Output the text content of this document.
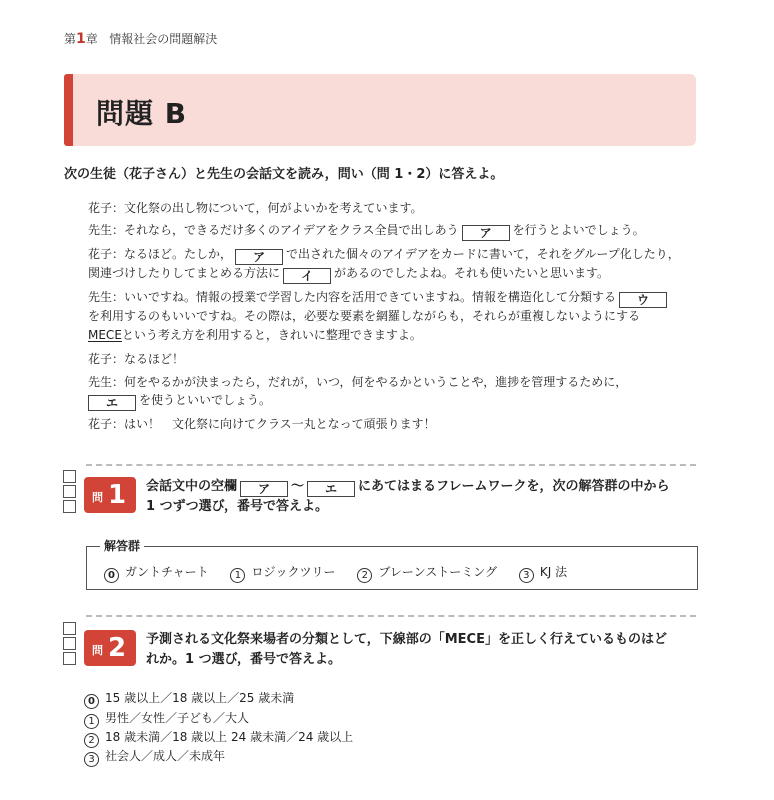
第1章 情報社会の問題解決
問題 B
次の生徒（花子さん）と先生の会話文を読み，問い（問 1・2）に答えよ。
花子：文化祭の出し物について，何がよいかを考えています。
先生：それなら，できるだけ多くのアイデアをクラス全員で出しあう ア を行うとよいでしょう。
花子：なるほど。たしか， ア で出された個々のアイデアをカードに書いて，それをグループ化したり，
関連づけしたりしてまとめる方法に イ があるのでしたよね。それも使いたいと思います。
先生：いいですね。情報の授業で学習した内容を活用できていますね。情報を構造化して分類する ウ
を利用するのもいいですね。その際は，必要な要素を網羅しながらも，それらが重複しないようにする
MECEという考え方を利用すると，きれいに整理できますよ。
花子：なるほど！
先生：何をやるかが決まったら，だれが，いつ，何をやるかということや，進捗を管理するために，
エ を使うといいでしょう。
花子：はい！　文化祭に向けてクラス一丸となって頑張ります！
問 1 会話文中の空欄 ア 〜 エ にあてはまるフレームワークを，次の解答群の中から
1 つずつ選び，番号で答えよ。
解答群
0 ガントチャート	1 ロジックツリー	2 ブレーンストーミング	3 KJ 法
問 2 予測される文化祭来場者の分類として，下線部の「MECE」を正しく行えているものはど
れか。1 つ選び，番号で答えよ。
0 15 歳以上／18 歳以上／25 歳未満
1 男性／女性／子ども／大人
2 18 歳未満／18 歳以上 24 歳未満／24 歳以上
3 社会人／成人／未成年
